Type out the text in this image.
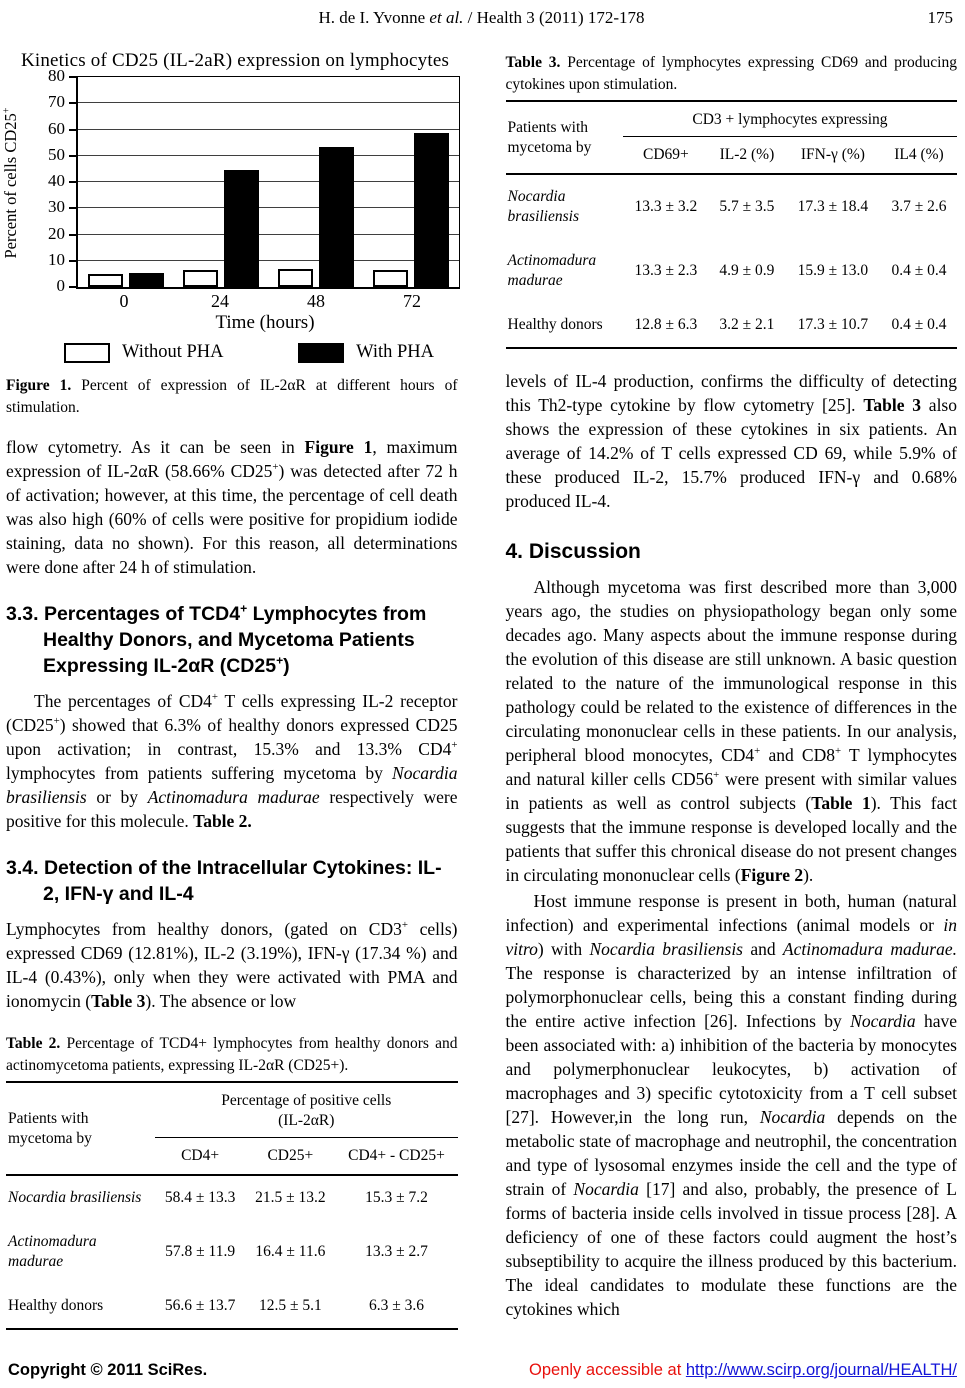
H. de I. Yvonne et al. / Health 3 (2011) 172-178	175
Kinetics of CD25 (IL-2aR) expression on lymphocytes
Percent of cells CD25+
0
10
20
30
40
50
60
70
80
0	24	48	72
Time (hours)
Without PHA	With PHA

Figure 1. Percent of expression of IL-2αR at different hours of stimulation.

flow cytometry. As it can be seen in Figure 1, maximum expression of IL-2αR (58.66% CD25+) was detected after 72 h of activation; however, at this time, the percentage of cell death was also high (60% of cells were positive for propidium iodide staining, data no shown). For this reason, all determinations were done after 24 h of stimulation.

3.3. Percentages of TCD4+ Lymphocytes from Healthy Donors, and Mycetoma Patients Expressing IL-2αR (CD25+)

The percentages of CD4+ T cells expressing IL-2 receptor (CD25+) showed that 6.3% of healthy donors expressed CD25 upon activation; in contrast, 15.3% and 13.3% CD4+ lymphocytes from patients suffering mycetoma by Nocardia brasiliensis or by Actinomadura madurae respectively were positive for this molecule. Table 2.

3.4. Detection of the Intracellular Cytokines: IL-2, IFN-γ and IL-4

Lymphocytes from healthy donors, (gated on CD3+ cells) expressed CD69 (12.81%), IL-2 (3.19%), IFN-γ (17.34 %) and IL-4 (0.43%), only when they were activated with PMA and ionomycin (Table 3). The absence or low

Table 2. Percentage of TCD4+ lymphocytes from healthy donors and actinomycetoma patients, expressing IL-2αR (CD25+).

Patients with mycetoma by	Percentage of positive cells
(IL-2αR)		
	CD4+	CD25+	CD4+ - CD25+
Nocardia brasiliensis	58.4 ± 13.3	21.5 ± 13.2	15.3 ± 7.2
Actinomadura madurae	57.8 ± 11.9	16.4 ± 11.6	13.3 ± 2.7
Healthy donors	56.6 ± 13.7	12.5 ± 5.1	6.3 ± 3.6

Table 3. Percentage of lymphocytes expressing CD69 and producing cytokines upon stimulation.

Patients with mycetoma by	CD3 + lymphocytes expressing			
	CD69+	IL-2 (%)	IFN-γ (%)	IL4 (%)
Nocardia brasiliensis	13.3 ± 3.2	5.7 ± 3.5	17.3 ± 18.4	3.7 ± 2.6
Actinomadura madurae	13.3 ± 2.3	4.9 ± 0.9	15.9 ± 13.0	0.4 ± 0.4
Healthy donors	12.8 ± 6.3	3.2 ± 2.1	17.3 ± 10.7	0.4 ± 0.4

levels of IL-4 production, confirms the difficulty of detecting this Th2-type cytokine by flow cytometry [25]. Table 3 also shows the expression of these cytokines in six patients. An average of 14.2% of T cells expressed CD 69, while 5.9% of these produced IL-2, 15.7% produced IFN-γ and 0.68% produced IL-4.

4. Discussion

Although mycetoma was first described more than 3,000 years ago, the studies on physiopathology began only some decades ago. Many aspects about the immune response during the evolution of this disease are still unknown. A basic question related to the nature of the immunological response in this pathology could be related to the existence of differences in the circulating mononuclear cells in these patients. In our analysis, peripheral blood monocytes, CD4+ and CD8+ T lymphocytes and natural killer cells CD56+ were present with similar values in patients as well as control subjects (Table 1). This fact suggests that the immune response is developed locally and the patients that suffer this chronical disease do not present changes in circulating mononuclear cells (Figure 2).

Host immune response is present in both, human (natural infection) and experimental infections (animal models or in vitro) with Nocardia brasiliensis and Actinomadura madurae. The response is characterized by an intense infiltration of polymorphonuclear cells, being this a constant finding during the entire active infection [26]. Infections by Nocardia have been associated with: a) inhibition of the bacteria by monocytes and polymerphonuclear leukocytes, b) activation of macrophages and 3) specific cytotoxicity from a T cell subset [27]. However,in the long run, Nocardia depends on the metabolic state of macrophage and neutrophil, the concentration and type of lysosomal enzymes inside the cell and the type of strain of Nocardia [17] and also, probably, the presence of L forms of bacteria inside cells involved in tissue process [28]. A deficiency of one of these factors could augment the host’s subseptibility to acquire the illness produced by this bacterium. The ideal candidates to modulate these functions are the cytokines which

Copyright © 2011 SciRes.	Openly accessible at http://www.scirp.org/journal/HEALTH/
